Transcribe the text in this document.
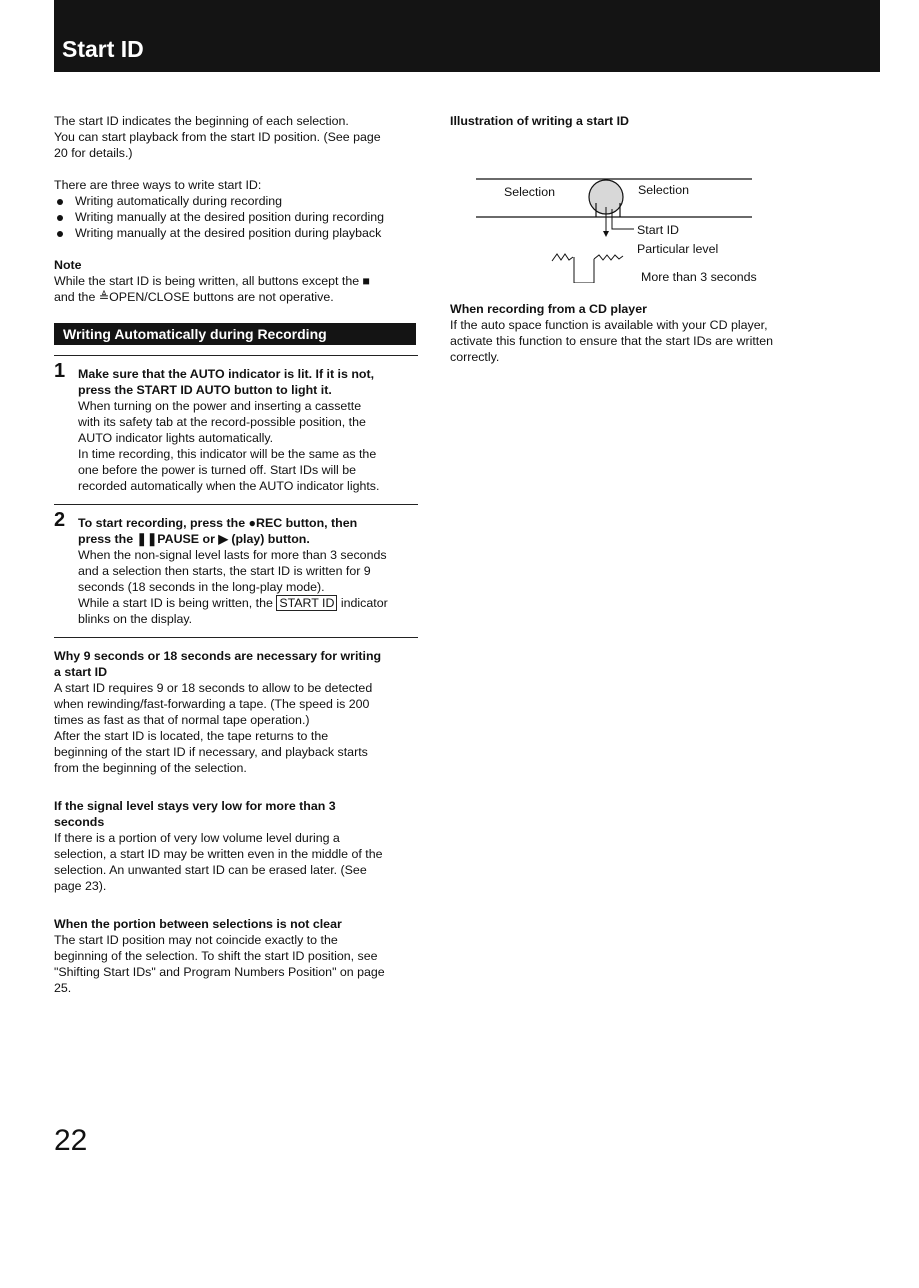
Start ID

The start ID indicates the beginning of each selection.

You can start playback from the start ID position. (See page

20 for details.)

There are three ways to write start ID:

Writing automatically during recording
Writing manually at the desired position during recording
Writing manually at the desired position during playback

Note

While the start ID is being written, all buttons except the ■

and the ≜OPEN/CLOSE buttons are not operative.

Writing Automatically during Recording
1 Make sure that the AUTO indicator is lit. If it is not,

press the START ID AUTO button to light it.

When turning on the power and inserting a cassette

with its safety tab at the record-possible position, the

AUTO indicator lights automatically.

In time recording, this indicator will be the same as the

one before the power is turned off. Start IDs will be

recorded automatically when the AUTO indicator lights.

2 To start recording, press the ●REC button, then

press the ❚❚PAUSE or ▶ (play) button.

When the non-signal level lasts for more than 3 seconds

and a selection then starts, the start ID is written for 9

seconds (18 seconds in the long-play mode).

While a start ID is being written, the START ID indicator

blinks on the display.

Why 9 seconds or 18 seconds are necessary for writing

a start ID

A start ID requires 9 or 18 seconds to allow to be detected

when rewinding/fast-forwarding a tape. (The speed is 200

times as fast as that of normal tape operation.)

After the start ID is located, the tape returns to the

beginning of the start ID if necessary, and playback starts

from the beginning of the selection.

If the signal level stays very low for more than 3

seconds

If there is a portion of very low volume level during a

selection, a start ID may be written even in the middle of the

selection. An unwanted start ID can be erased later. (See

page 23).

When the portion between selections is not clear

The start ID position may not coincide exactly to the

beginning of the selection. To shift the start ID position, see

"Shifting Start IDs" and Program Numbers Position" on page

25.

Illustration of writing a start ID

Selection	Selection
Start ID
Particular level
More than 3 seconds

When recording from a CD player

If the auto space function is available with your CD player,

activate this function to ensure that the start IDs are written

correctly.

22
